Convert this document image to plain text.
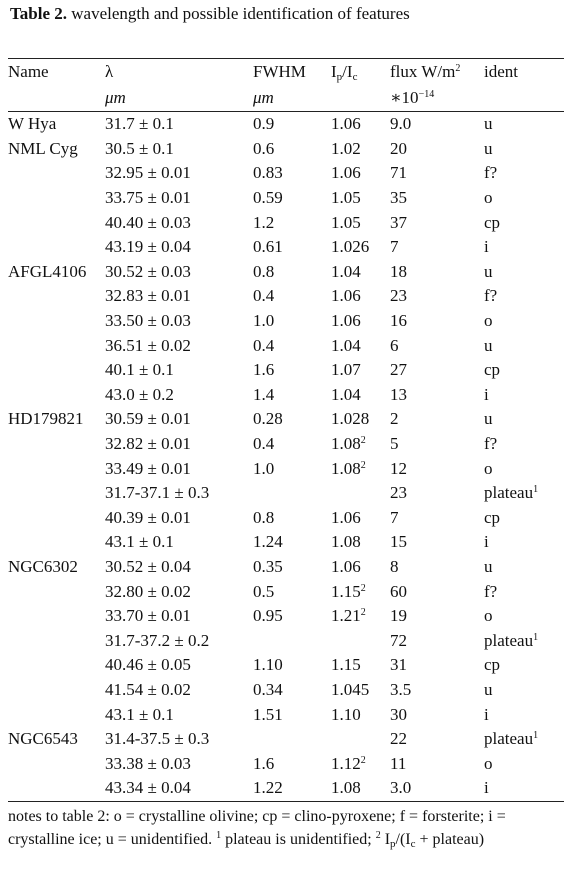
Table 2. wavelength and possible identification of features
Name	λ	FWHM	$I_p/I_c$	flux $W/m^2$	ident
	μm	μm		$∗10^{-14}$	
W Hya	31.7 ± 0.1	0.9	1.06	9.0	u
NML Cyg	30.5 ± 0.1	0.6	1.02	20	u
	32.95 ± 0.01	0.83	1.06	71	f?
	33.75 ± 0.01	0.59	1.05	35	o
	40.40 ± 0.03	1.2	1.05	37	cp
	43.19 ± 0.04	0.61	1.026	7	i
AFGL4106	30.52 ± 0.03	0.8	1.04	18	u
	32.83 ± 0.01	0.4	1.06	23	f?
	33.50 ± 0.03	1.0	1.06	16	o
	36.51 ± 0.02	0.4	1.04	6	u
	40.1 ± 0.1	1.6	1.07	27	cp
	43.0 ± 0.2	1.4	1.04	13	i
HD179821	30.59 ± 0.01	0.28	1.028	2	u
	32.82 ± 0.01	0.4	1.08$^2$	5	f?
	33.49 ± 0.01	1.0	1.08$^2$	12	o
	31.7-37.1 ± 0.3			23	plateau$^1$
	40.39 ± 0.01	0.8	1.06	7	cp
	43.1 ± 0.1	1.24	1.08	15	i
NGC6302	30.52 ± 0.04	0.35	1.06	8	u
	32.80 ± 0.02	0.5	1.15$^2$	60	f?
	33.70 ± 0.01	0.95	1.21$^2$	19	o
	31.7-37.2 ± 0.2			72	plateau$^1$
	40.46 ± 0.05	1.10	1.15	31	cp
	41.54 ± 0.02	0.34	1.045	3.5	u
	43.1 ± 0.1	1.51	1.10	30	i
NGC6543	31.4-37.5 ± 0.3			22	plateau$^1$
	33.38 ± 0.03	1.6	1.12$^2$	11	o
	43.34 ± 0.04	1.22	1.08	3.0	i
notes to table 2: o = crystalline olivine; cp = clino-pyroxene; f = forsterite; i = crystalline ice; u = unidentified. $^1$ plateau is unidentified; $^2$ $I_p/(I_c$ + plateau)
